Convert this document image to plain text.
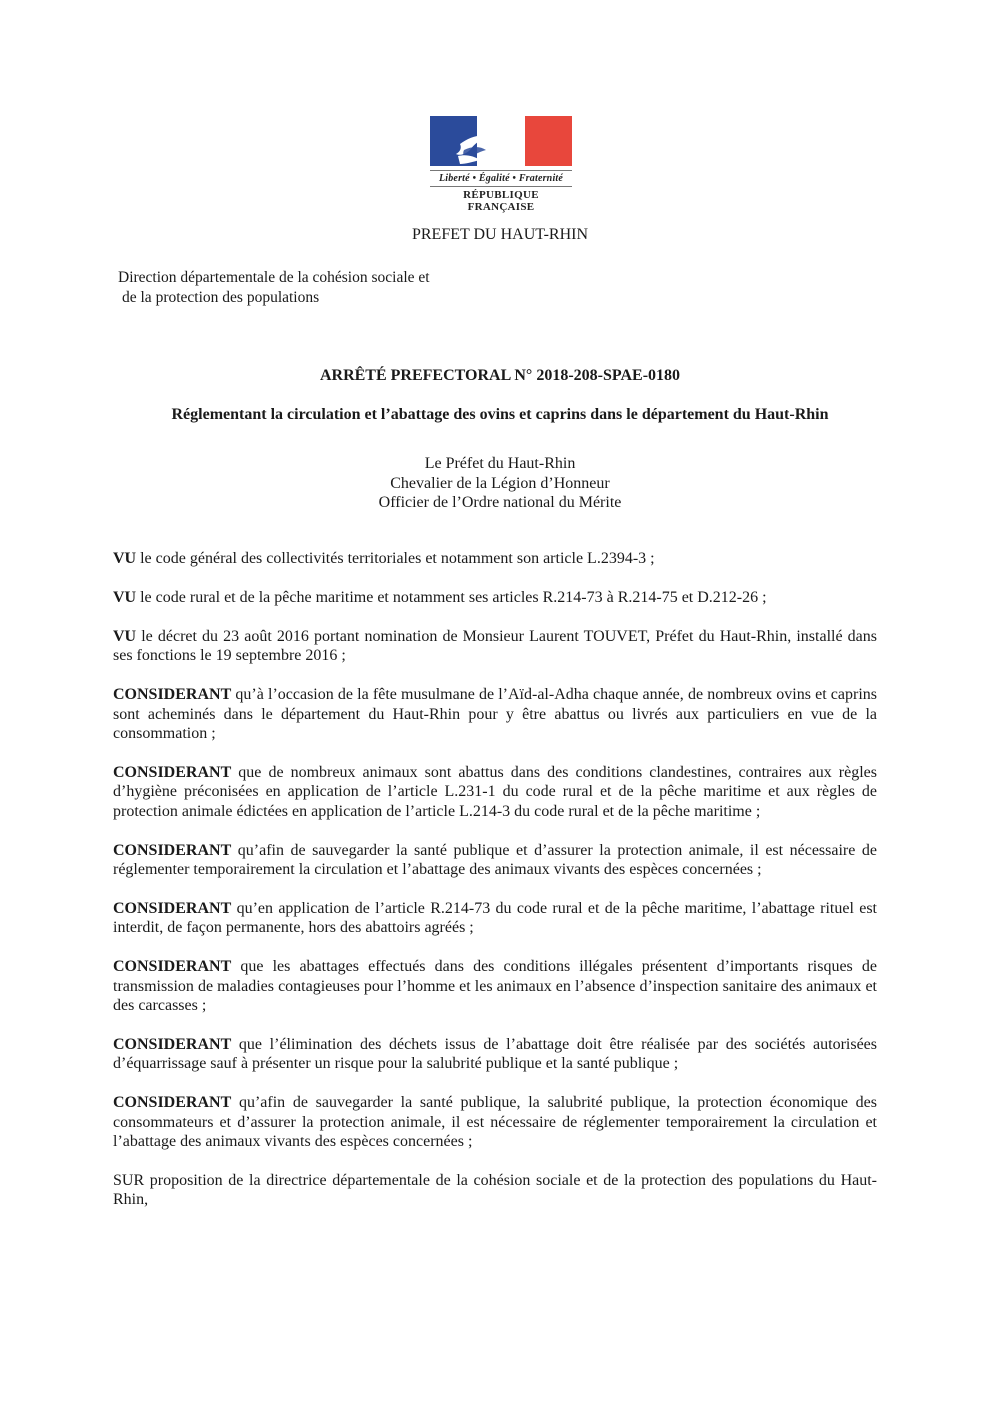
Liberté • Égalité • Fraternité
RÉPUBLIQUE FRANÇAISE
PREFET DU HAUT-RHIN
Direction départementale de la cohésion sociale et
de la protection des populations
ARRÊTÉ PREFECTORAL N° 2018-208-SPAE-0180
Réglementant la circulation et l’abattage des ovins et caprins dans le département du Haut-Rhin
Le Préfet du Haut-Rhin
Chevalier de la Légion d’Honneur
Officier de l’Ordre national du Mérite

VU le code général des collectivités territoriales et notamment son article L.2394-3 ;

VU le code rural et de la pêche maritime et notamment ses articles R.214-73 à R.214-75 et D.212-26 ;

VU le décret du 23 août 2016 portant nomination de Monsieur Laurent TOUVET, Préfet du Haut-Rhin, installé dans ses fonctions le 19 septembre 2016 ;

CONSIDERANT qu’à l’occasion de la fête musulmane de l’Aïd-al-Adha chaque année, de nombreux ovins et caprins sont acheminés dans le département du Haut-Rhin pour y être abattus ou livrés aux particuliers en vue de la consommation ;

CONSIDERANT que de nombreux animaux sont abattus dans des conditions clandestines, contraires aux règles d’hygiène préconisées en application de l’article L.231-1 du code rural et de la pêche maritime et aux règles de protection animale édictées en application de l’article L.214-3 du code rural et de la pêche maritime ;

CONSIDERANT qu’afin de sauvegarder la santé publique et d’assurer la protection animale, il est nécessaire de réglementer temporairement la circulation et l’abattage des animaux vivants des espèces concernées ;

CONSIDERANT qu’en application de l’article R.214-73 du code rural et de la pêche maritime, l’abattage rituel est interdit, de façon permanente, hors des abattoirs agréés ;

CONSIDERANT que les abattages effectués dans des conditions illégales présentent d’importants risques de transmission de maladies contagieuses pour l’homme et les animaux en l’absence d’inspection sanitaire des animaux et des carcasses ;

CONSIDERANT que l’élimination des déchets issus de l’abattage doit être réalisée par des sociétés autorisées d’équarrissage sauf à présenter un risque pour la salubrité publique et la santé publique ;

CONSIDERANT qu’afin de sauvegarder la santé publique, la salubrité publique, la protection économique des consommateurs et d’assurer la protection animale, il est nécessaire de réglementer temporairement la circulation et l’abattage des animaux vivants des espèces concernées ;

SUR proposition de la directrice départementale de la cohésion sociale et de la protection des populations du Haut-Rhin,
